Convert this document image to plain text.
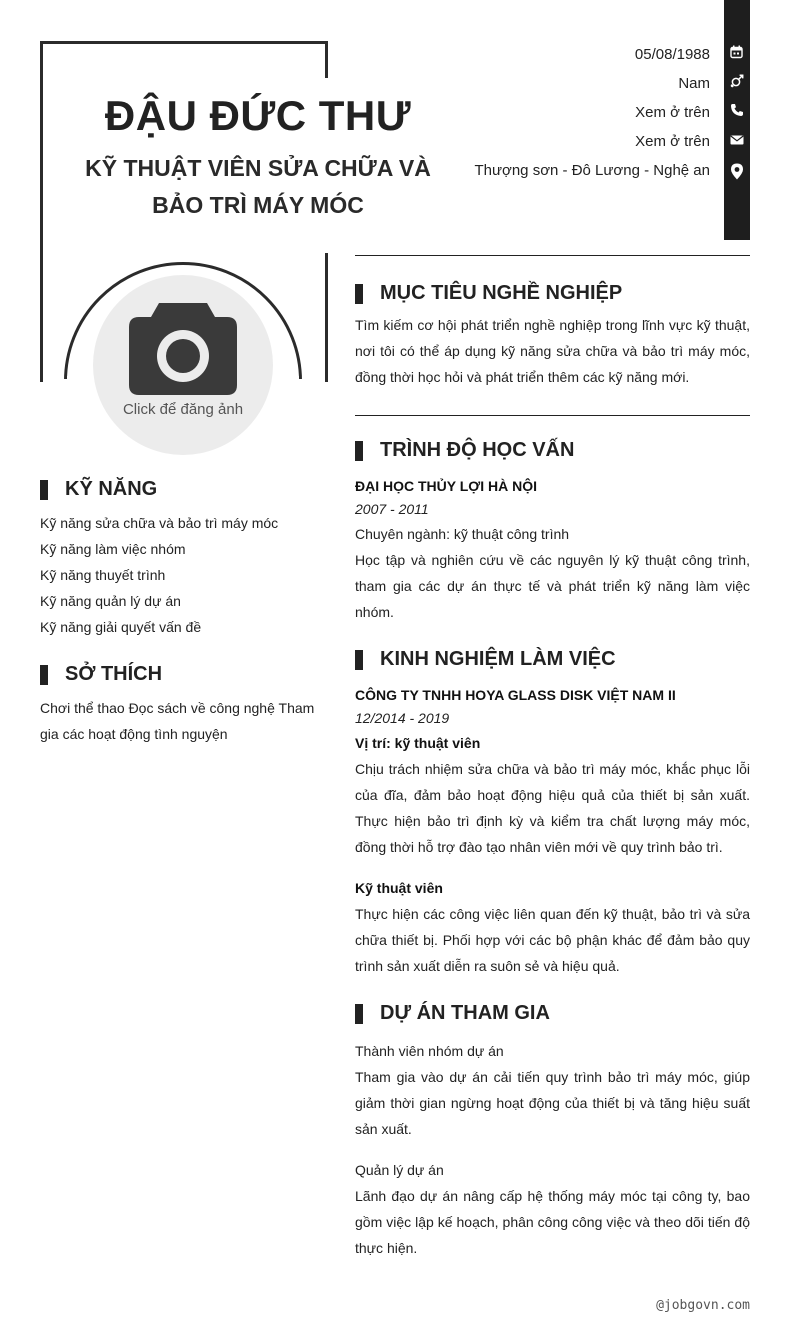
ĐẬU ĐỨC THƯ
KỸ THUẬT VIÊN SỬA CHỮA VÀ BẢO TRÌ MÁY MÓC
Click để đăng ảnh
05/08/1988
Nam
Xem ở trên
Xem ở trên
Thượng sơn - Đô Lương - Nghệ an
KỸ NĂNG
Kỹ năng sửa chữa và bảo trì máy móc
Kỹ năng làm việc nhóm
Kỹ năng thuyết trình
Kỹ năng quản lý dự án
Kỹ năng giải quyết vấn đề
SỞ THÍCH
Chơi thể thao Đọc sách về công nghệ Tham gia các hoạt động tình nguyện
MỤC TIÊU NGHỀ NGHIỆP
Tìm kiếm cơ hội phát triển nghề nghiệp trong lĩnh vực kỹ thuật, nơi tôi có thể áp dụng kỹ năng sửa chữa và bảo trì máy móc, đồng thời học hỏi và phát triển thêm các kỹ năng mới.
TRÌNH ĐỘ HỌC VẤN
ĐẠI HỌC THỦY LỢI HÀ NỘI
2007 - 2011
Chuyên ngành: kỹ thuật công trình
Học tập và nghiên cứu về các nguyên lý kỹ thuật công trình, tham gia các dự án thực tế và phát triển kỹ năng làm việc nhóm.
KINH NGHIỆM LÀM VIỆC
CÔNG TY TNHH HOYA GLASS DISK VIỆT NAM II
12/2014 - 2019
Vị trí: kỹ thuật viên
Chịu trách nhiệm sửa chữa và bảo trì máy móc, khắc phục lỗi của đĩa, đảm bảo hoạt động hiệu quả của thiết bị sản xuất. Thực hiện bảo trì định kỳ và kiểm tra chất lượng máy móc, đồng thời hỗ trợ đào tạo nhân viên mới về quy trình bảo trì.
Kỹ thuật viên
Thực hiện các công việc liên quan đến kỹ thuật, bảo trì và sửa chữa thiết bị. Phối hợp với các bộ phận khác để đảm bảo quy trình sản xuất diễn ra suôn sẻ và hiệu quả.
DỰ ÁN THAM GIA
Thành viên nhóm dự án
Tham gia vào dự án cải tiến quy trình bảo trì máy móc, giúp giảm thời gian ngừng hoạt động của thiết bị và tăng hiệu suất sản xuất.
Quản lý dự án
Lãnh đạo dự án nâng cấp hệ thống máy móc tại công ty, bao gồm việc lập kế hoạch, phân công công việc và theo dõi tiến độ thực hiện.
@jobgovn.com
